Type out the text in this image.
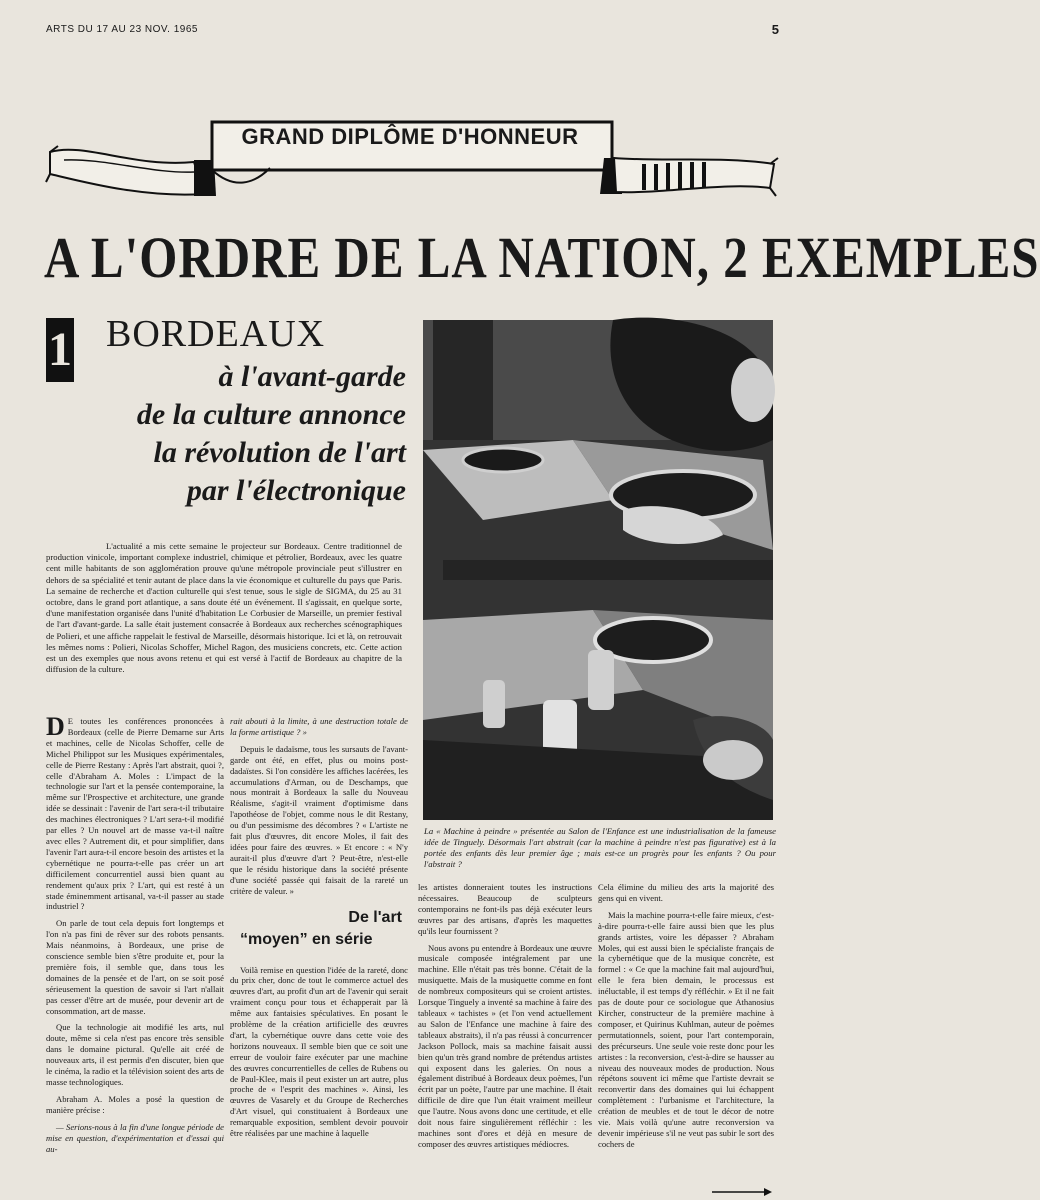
ARTS DU 17 AU 23 NOV. 1965	5
GRAND DIPLÔME D'HONNEUR
A L'ORDRE DE LA NATION, 2 EXEMPLES
1 BORDEAUX
à l'avant-garde
de la culture annonce
la révolution de l'art
par l'électronique
La « Machine à peindre » présentée au Salon de l'Enfance est une industrialisation de la fameuse idée de Tinguely. Désormais l'art abstrait (car la machine à peindre n'est pas figurative) est à la portée des enfants dès leur premier âge ; mais est-ce un progrès pour les enfants ? Ou pour l'abstrait ?
L'actualité a mis cette semaine le projecteur sur Bordeaux. Centre traditionnel de production vinicole, important complexe industriel, chimique et pétrolier, Bordeaux, avec les quatre cent mille habitants de son agglomération prouve qu'une métropole provinciale peut s'illustrer en dehors de sa spécialité et tenir autant de place dans la vie économique et culturelle du pays que Paris. La semaine de recherche et d'action culturelle qui s'est tenue, sous le sigle de SIGMA, du 25 au 31 octobre, dans le grand port atlantique, a sans doute été un événement. Il s'agissait, en quelque sorte, d'une manifestation organisée dans l'unité d'habitation Le Corbusier de Marseille, un premier festival de l'art d'avant-garde. La salle était justement consacrée à Bordeaux aux recherches scénographiques de Polieri, et une affiche rappelait le festival de Marseille, désormais historique. Ici et là, on retrouvait les mêmes noms : Polieri, Nicolas Schoffer, Michel Ragon, des musiciens concrets, etc. Cette action est un des exemples que nous avons retenu et qui est versé à l'actif de Bordeaux au chapitre de la diffusion de la culture.

D E toutes les conférences prononcées à Bordeaux (celle de Pierre Demarne sur Arts et machines, celle de Nicolas Schoffer, celle de Michel Philippot sur les Musiques expérimentales, celle de Pierre Restany : Après l'art abstrait, quoi ?, celle d'Abraham A. Moles : L'impact de la technologie sur l'art et la pensée contemporaine, la même sur l'Prospective et architecture, une grande idée se dessinait : l'avenir de l'art sera-t-il tributaire des machines électroniques ? L'art sera-t-il modifié par elles ? Un nouvel art de masse va-t-il naître avec elles ? Autrement dit, et pour simplifier, dans l'avenir l'art aura-t-il encore besoin des artistes et la cybernétique ne pourra-t-elle pas créer un art difficilement concurrentiel aussi bien quant au rendement qu'aux prix ? L'art, qui est resté à un stade éminemment artisanal, va-t-il passer au stade industriel ?

On parle de tout cela depuis fort longtemps et l'on n'a pas fini de rêver sur des robots pensants. Mais néanmoins, à Bordeaux, une prise de conscience semble bien s'être produite et, pour la première fois, il semble que, dans tous les domaines de la pensée et de l'art, on se soit posé sérieusement la question de savoir si l'art n'allait pas cesser d'être art de musée, pour devenir art de consommation, art de masse.

Que la technologie ait modifié les arts, nul doute, même si cela n'est pas encore très sensible dans le domaine pictural. Qu'elle ait créé de nouveaux arts, il est permis d'en discuter, bien que le cinéma, la radio et la télévision soient des arts de masse technologiques.

Abraham A. Moles a posé la question de manière précise :

— Serions-nous à la fin d'une longue période de mise en question, d'expérimentation et d'essai qui au-

rait abouti à la limite, à une destruction totale de la forme artistique ? »

Depuis le dadaïsme, tous les sursauts de l'avant-garde ont été, en effet, plus ou moins post-dadaïstes. Si l'on considère les affiches lacérées, les accumulations d'Arman, ou de Deschamps, que nous montrait à Bordeaux la salle du Nouveau Réalisme, s'agit-il vraiment d'optimisme dans l'apothéose de l'objet, comme nous le dit Restany, ou d'un pessimisme des décombres ? « L'artiste ne fait plus d'œuvres, dit encore Moles, il fait des idées pour faire des œuvres. » Et encore : « N'y aurait-il plus d'œuvre d'art ? Peut-être, n'est-elle que le résidu historique dans la société présente d'une société passée qui faisait de la rareté un critère de valeur. »

De l'art
“moyen” en série

Voilà remise en question l'idée de la rareté, donc du prix cher, donc de tout le commerce actuel des œuvres d'art, au profit d'un art de l'avenir qui serait vraiment conçu pour tous et échapperait par là même aux fantaisies spéculatives. En posant le problème de la création artificielle des œuvres d'art, la cybernétique ouvre dans cette voie des horizons nouveaux. Il semble bien que ce soit une erreur de vouloir faire exécuter par une machine des œuvres concurrentielles de celles de Rubens ou de Paul-Klee, mais il peut exister un art autre, plus proche de « l'esprit des machines ». Ainsi, les œuvres de Vasarely et du Groupe de Recherches d'Art visuel, qui constituaient à Bordeaux une remarquable exposition, semblent devoir pouvoir être réalisées par une machine à laquelle

les artistes donneraient toutes les instructions nécessaires. Beaucoup de sculpteurs contemporains ne font-ils pas déjà exécuter leurs œuvres par des artisans, d'après les maquettes qu'ils leur fournissent ?

Nous avons pu entendre à Bordeaux une œuvre musicale composée intégralement par une machine. Elle n'était pas très bonne. C'était de la musiquette. Mais de la musiquette comme en font de nombreux compositeurs qui se croient artistes. Lorsque Tinguely a inventé sa machine à faire des tableaux « tachistes » (et l'on vend actuellement au Salon de l'Enfance une machine à faire des tableaux abstraits), il n'a pas réussi à concurrencer Jackson Pollock, mais sa machine faisait aussi bien qu'un très grand nombre de prétendus artistes qui exposent dans les galeries. On nous a également distribué à Bordeaux deux poèmes, l'un écrit par un poète, l'autre par une machine. Il était difficile de dire que l'un était vraiment meilleur que l'autre. Nous avons donc une certitude, et elle doit nous faire singulièrement réfléchir : les machines sont d'ores et déjà en mesure de composer des œuvres artistiques médiocres.

Cela élimine du milieu des arts la majorité des gens qui en vivent.

Mais la machine pourra-t-elle faire mieux, c'est-à-dire pourra-t-elle faire aussi bien que les plus grands artistes, voire les dépasser ? Abraham Moles, qui est aussi bien le spécialiste français de la cybernétique que de la musique concrète, est formel : « Ce que la machine fait mal aujourd'hui, elle le fera bien demain, le processus est inéluctable, il est temps d'y réfléchir. » Et il ne fait pas de doute pour ce sociologue que Athanosius Kircher, constructeur de la première machine à composer, et Quirinus Kuhlman, auteur de poèmes permutationnels, soient, pour l'art contemporain, des précurseurs. Une seule voie reste donc pour les artistes : la reconversion, c'est-à-dire se hausser au niveau des nouveaux modes de production. Nous répétons souvent ici même que l'artiste devrait se reconvertir dans des domaines qui lui échappent complètement : l'urbanisme et l'architecture, la création de meubles et de tout le décor de notre vie. Mais voilà qu'une autre reconversion va devenir impérieuse s'il ne veut pas subir le sort des cochers de
